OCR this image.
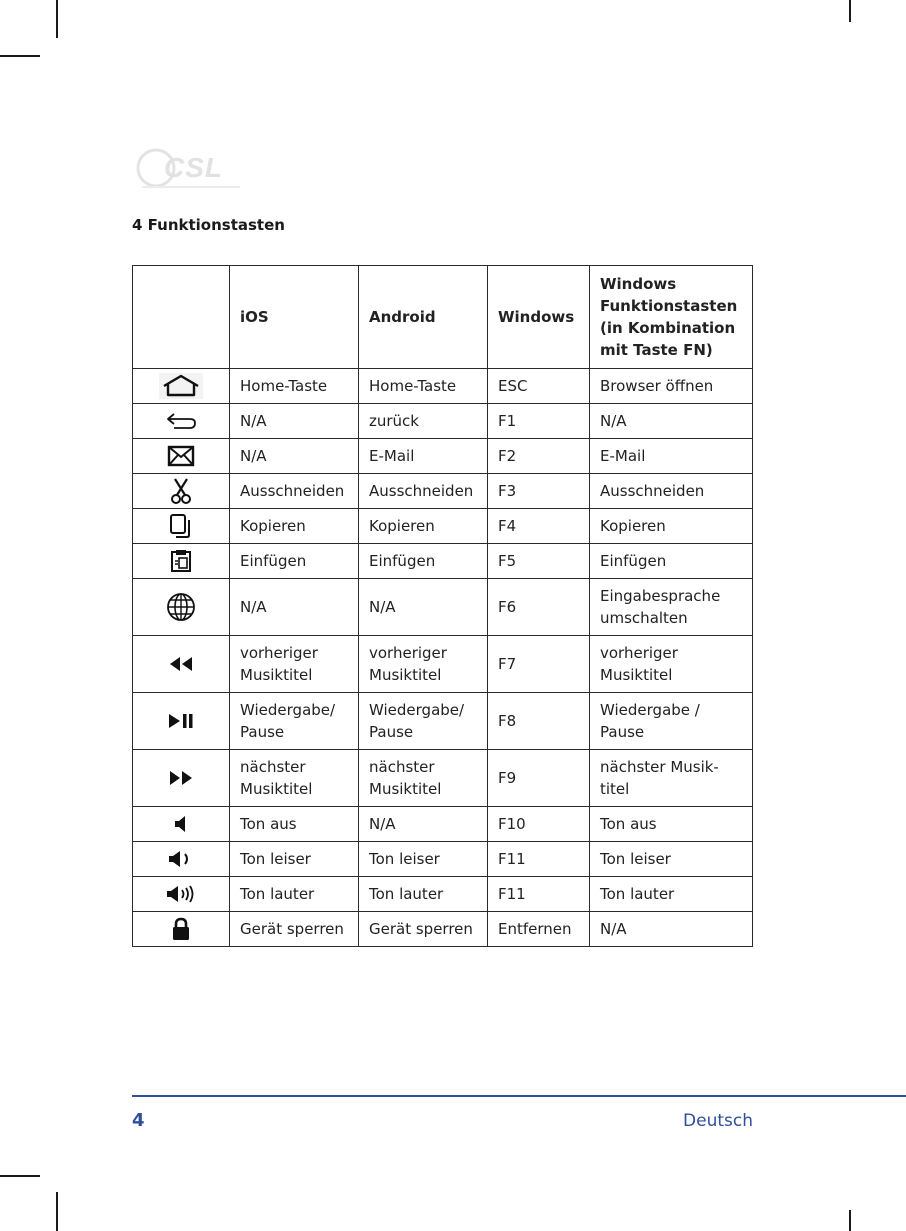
CSL
4 Funktionstasten
	iOS	Android	Windows	Windows Funktionstasten (in Kombination mit Taste FN)

	Home-Taste	Home-Taste	ESC	Browser öffnen

	N/A	zurück	F1	N/A

	N/A	E-Mail	F2	E-Mail

	Ausschneiden	Ausschneiden	F3	Ausschneiden

	Kopieren	Kopieren	F4	Kopieren

	Einfügen	Einfügen	F5	Einfügen

	N/A	N/A	F6	Eingabesprache umschalten

	vorheriger Musiktitel	vorheriger Musiktitel	F7	vorheriger Musiktitel

	Wiedergabe/ Pause	Wiedergabe/ Pause	F8	Wiedergabe / Pause

	nächster Musiktitel	nächster Musiktitel	F9	nächster Musik-titel

	Ton aus	N/A	F10	Ton aus

	Ton leiser	Ton leiser	F11	Ton leiser

	Ton lauter	Ton lauter	F11	Ton lauter

	Gerät sperren	Gerät sperren	Entfernen	N/A
4	Deutsch
